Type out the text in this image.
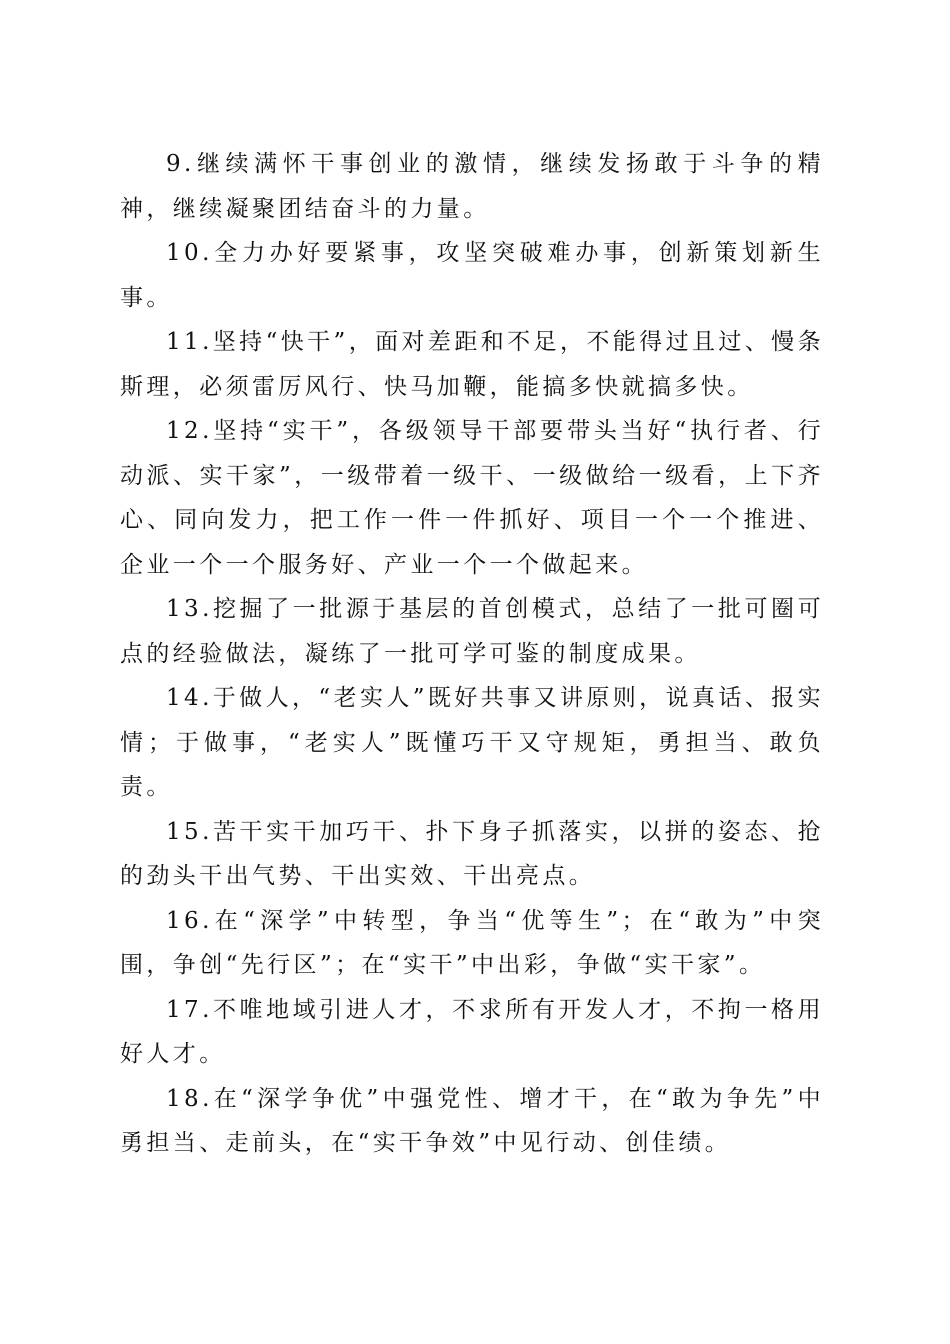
9.继续满怀干事创业的激情，继续发扬敢于斗争的精神，继续凝聚团结奋斗的力量。

10.全力办好要紧事，攻坚突破难办事，创新策划新生事。

11.坚持“快干”，面对差距和不足，不能得过且过、慢条斯理，必须雷厉风行、快马加鞭，能搞多快就搞多快。

12.坚持“实干”，各级领导干部要带头当好“执行者、行动派、实干家”，一级带着一级干、一级做给一级看，上下齐心、同向发力，把工作一件一件抓好、项目一个一个推进、企业一个一个服务好、产业一个一个做起来。

13.挖掘了一批源于基层的首创模式，总结了一批可圈可点的经验做法，凝练了一批可学可鉴的制度成果。

14.于做人，“老实人”既好共事又讲原则，说真话、报实情；于做事，“老实人”既懂巧干又守规矩，勇担当、敢负责。

15.苦干实干加巧干、扑下身子抓落实，以拼的姿态、抢的劲头干出气势、干出实效、干出亮点。

16.在“深学”中转型，争当“优等生”；在“敢为”中突围，争创“先行区”；在“实干”中出彩，争做“实干家”。

17.不唯地域引进人才，不求所有开发人才，不拘一格用好人才。

18.在“深学争优”中强党性、增才干，在“敢为争先”中勇担当、走前头，在“实干争效”中见行动、创佳绩。
